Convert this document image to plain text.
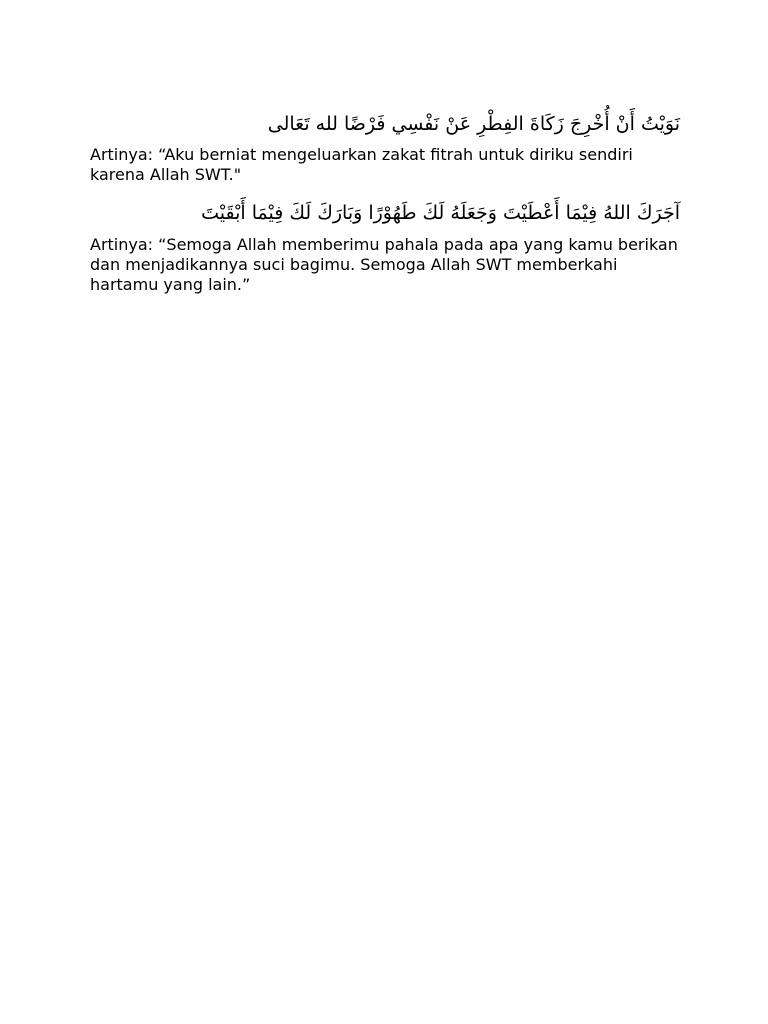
نَوَيْتُ أَنْ أُخْرِجَ زَكَاةَ الفِطْرِ عَنْ نَفْسِي فَرْضًا لله تَعَالى

Artinya: “Aku berniat mengeluarkan zakat fitrah untuk diriku sendiri karena Allah SWT."

آجَرَكَ اللهُ فِيْمَا أَعْطَيْتَ وَجَعَلَهُ لَكَ طَهُوْرًا وَبَارَكَ لَكَ فِيْمَا أَبْقَيْتَ

Artinya: “Semoga Allah memberimu pahala pada apa yang kamu berikan dan menjadikannya suci bagimu. Semoga Allah SWT memberkahi hartamu yang lain.”
